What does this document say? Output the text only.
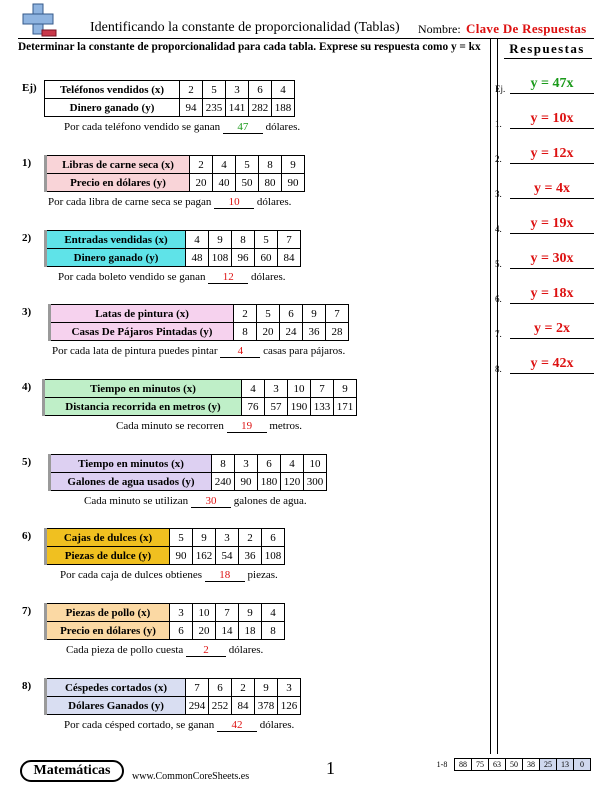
Identificando la constante de proporcionalidad (Tablas) Nombre: Clave De Respuestas
Determinar la constante de proporcionalidad para cada tabla. Exprese su respuesta como y = kx	Respuestas
Ej.	y = 47x
1.	y = 10x
2.	y = 12x
3.	y = 4x
4.	y = 19x
5.	y = 30x
6.	y = 18x
7.	y = 2x
8.	y = 42x
Ej) Teléfonos vendidos (x)	2	5	3	6	4
Dinero ganado (y)	94	235	141	282	188
Por cada teléfono vendido se ganan 47 dólares.
1)	Libras de carne seca (x)	2	4	5	8	9
Precio en dólares (y)	20	40	50	80	90
Por cada libra de carne seca se pagan 10 dólares.
2)	Entradas vendidas (x)	4	9	8	5	7
Dinero ganado (y)	48	108	96	60	84
Por cada boleto vendido se ganan 12 dólares.
3)	Latas de pintura (x)	2	5	6	9	7
Casas De Pájaros Pintadas (y)	8	20	24	36	28
Por cada lata de pintura puedes pintar 4 casas para pájaros.
4)	Tiempo en minutos (x)	4	3	10	7	9
Distancia recorrida en metros (y)	76	57	190	133	171
Cada minuto se recorren 19 metros.
5)	Tiempo en minutos (x)	8	3	6	4	10
Galones de agua usados (y)	240	90	180	120	300
Cada minuto se utilizan 30 galones de agua.
6)	Cajas de dulces (x)	5	9	3	2	6
Piezas de dulce (y)	90	162	54	36	108
Por cada caja de dulces obtienes 18 piezas.
7)	Piezas de pollo (x)	3	10	7	9	4
Precio en dólares (y)	6	20	14	18	8
Cada pieza de pollo cuesta 2 dólares.
8)	Céspedes cortados (x)	7	6	2	9	3
Dólares Ganados (y)	294	252	84	378	126
Por cada césped cortado, se ganan 42 dólares.
Matemáticas	www.CommonCoreSheets.es	1	1-8	88	75	63	50	38	25	13	0
